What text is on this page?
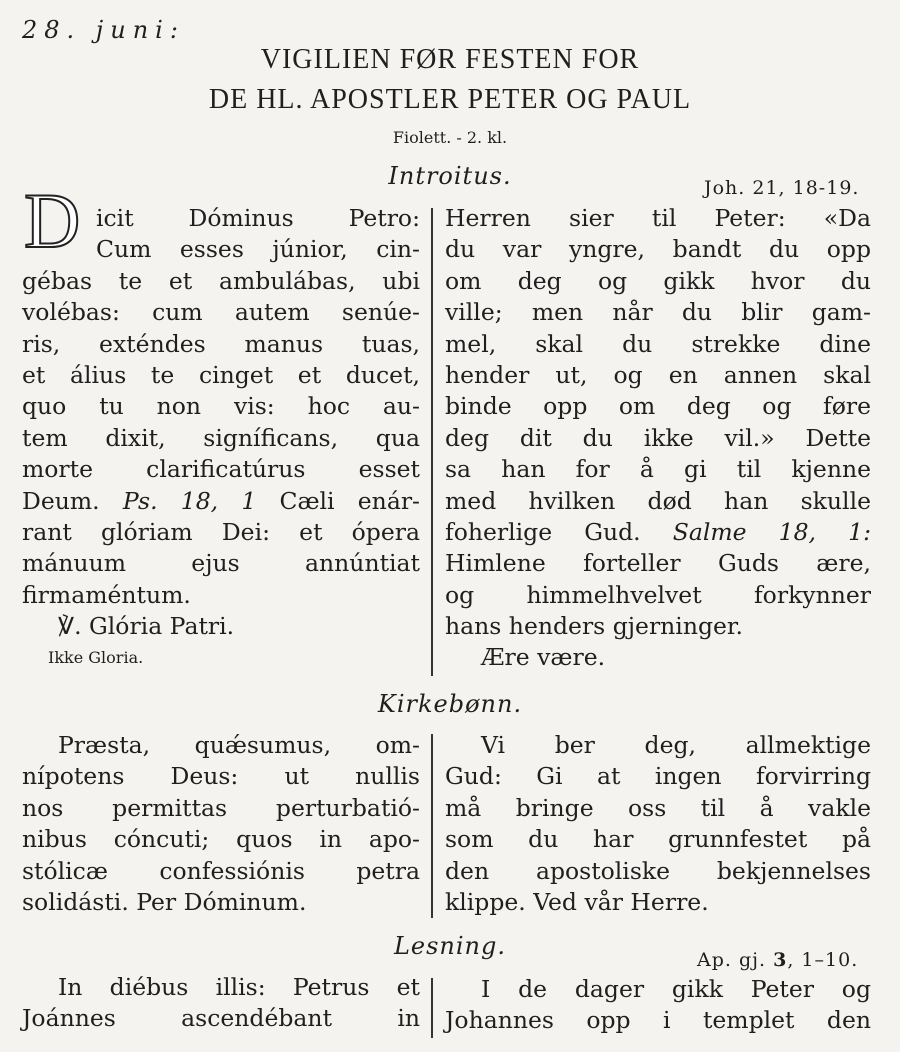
28. juni:
VIGILIEN FØR FESTEN FOR
DE HL. APOSTLER PETER OG PAUL
Fiolett. - 2. kl.
Introitus.	Joh. 21, 18-19.
D icit Dóminus Petro:
Cum esses júnior, cin-
gébas te et ambulábas, ubi
volébas: cum autem senúe-
ris, exténdes manus tuas,
et álius te cinget et ducet,
quo tu non vis: hoc au-
tem dixit, signíficans, qua
morte clarificatúrus esset
Deum. Ps. 18, 1 Cæli enár-
rant glóriam Dei: et ópera
mánuum ejus annúntiat
firmaméntum.
℣. Glória Patri.
Ikke Gloria.
Herren sier til Peter: «Da
du var yngre, bandt du opp
om deg og gikk hvor du
ville; men når du blir gam-
mel, skal du strekke dine
hender ut, og en annen skal
binde opp om deg og føre
deg dit du ikke vil.» Dette
sa han for å gi til kjenne
med hvilken død han skulle
foherlige Gud. Salme 18, 1:
Himlene forteller Guds ære,
og himmelhvelvet forkynner
hans henders gjerninger.
Ære være.
Kirkebønn.
Præsta, quǽsumus, om-
nípotens Deus: ut nullis
nos permittas perturbatió-
nibus cóncuti; quos in apo-
stólicæ confessiónis petra
solidásti. Per Dóminum.
Vi ber deg, allmektige
Gud: Gi at ingen forvirring
må bringe oss til å vakle
som du har grunnfestet på
den apostoliske bekjennelses
klippe. Ved vår Herre.
Lesning.	Ap. gj. 3, 1–10.
In diébus illis: Petrus et
Joánnes ascendébant in
I de dager gikk Peter og
Johannes opp i templet den
